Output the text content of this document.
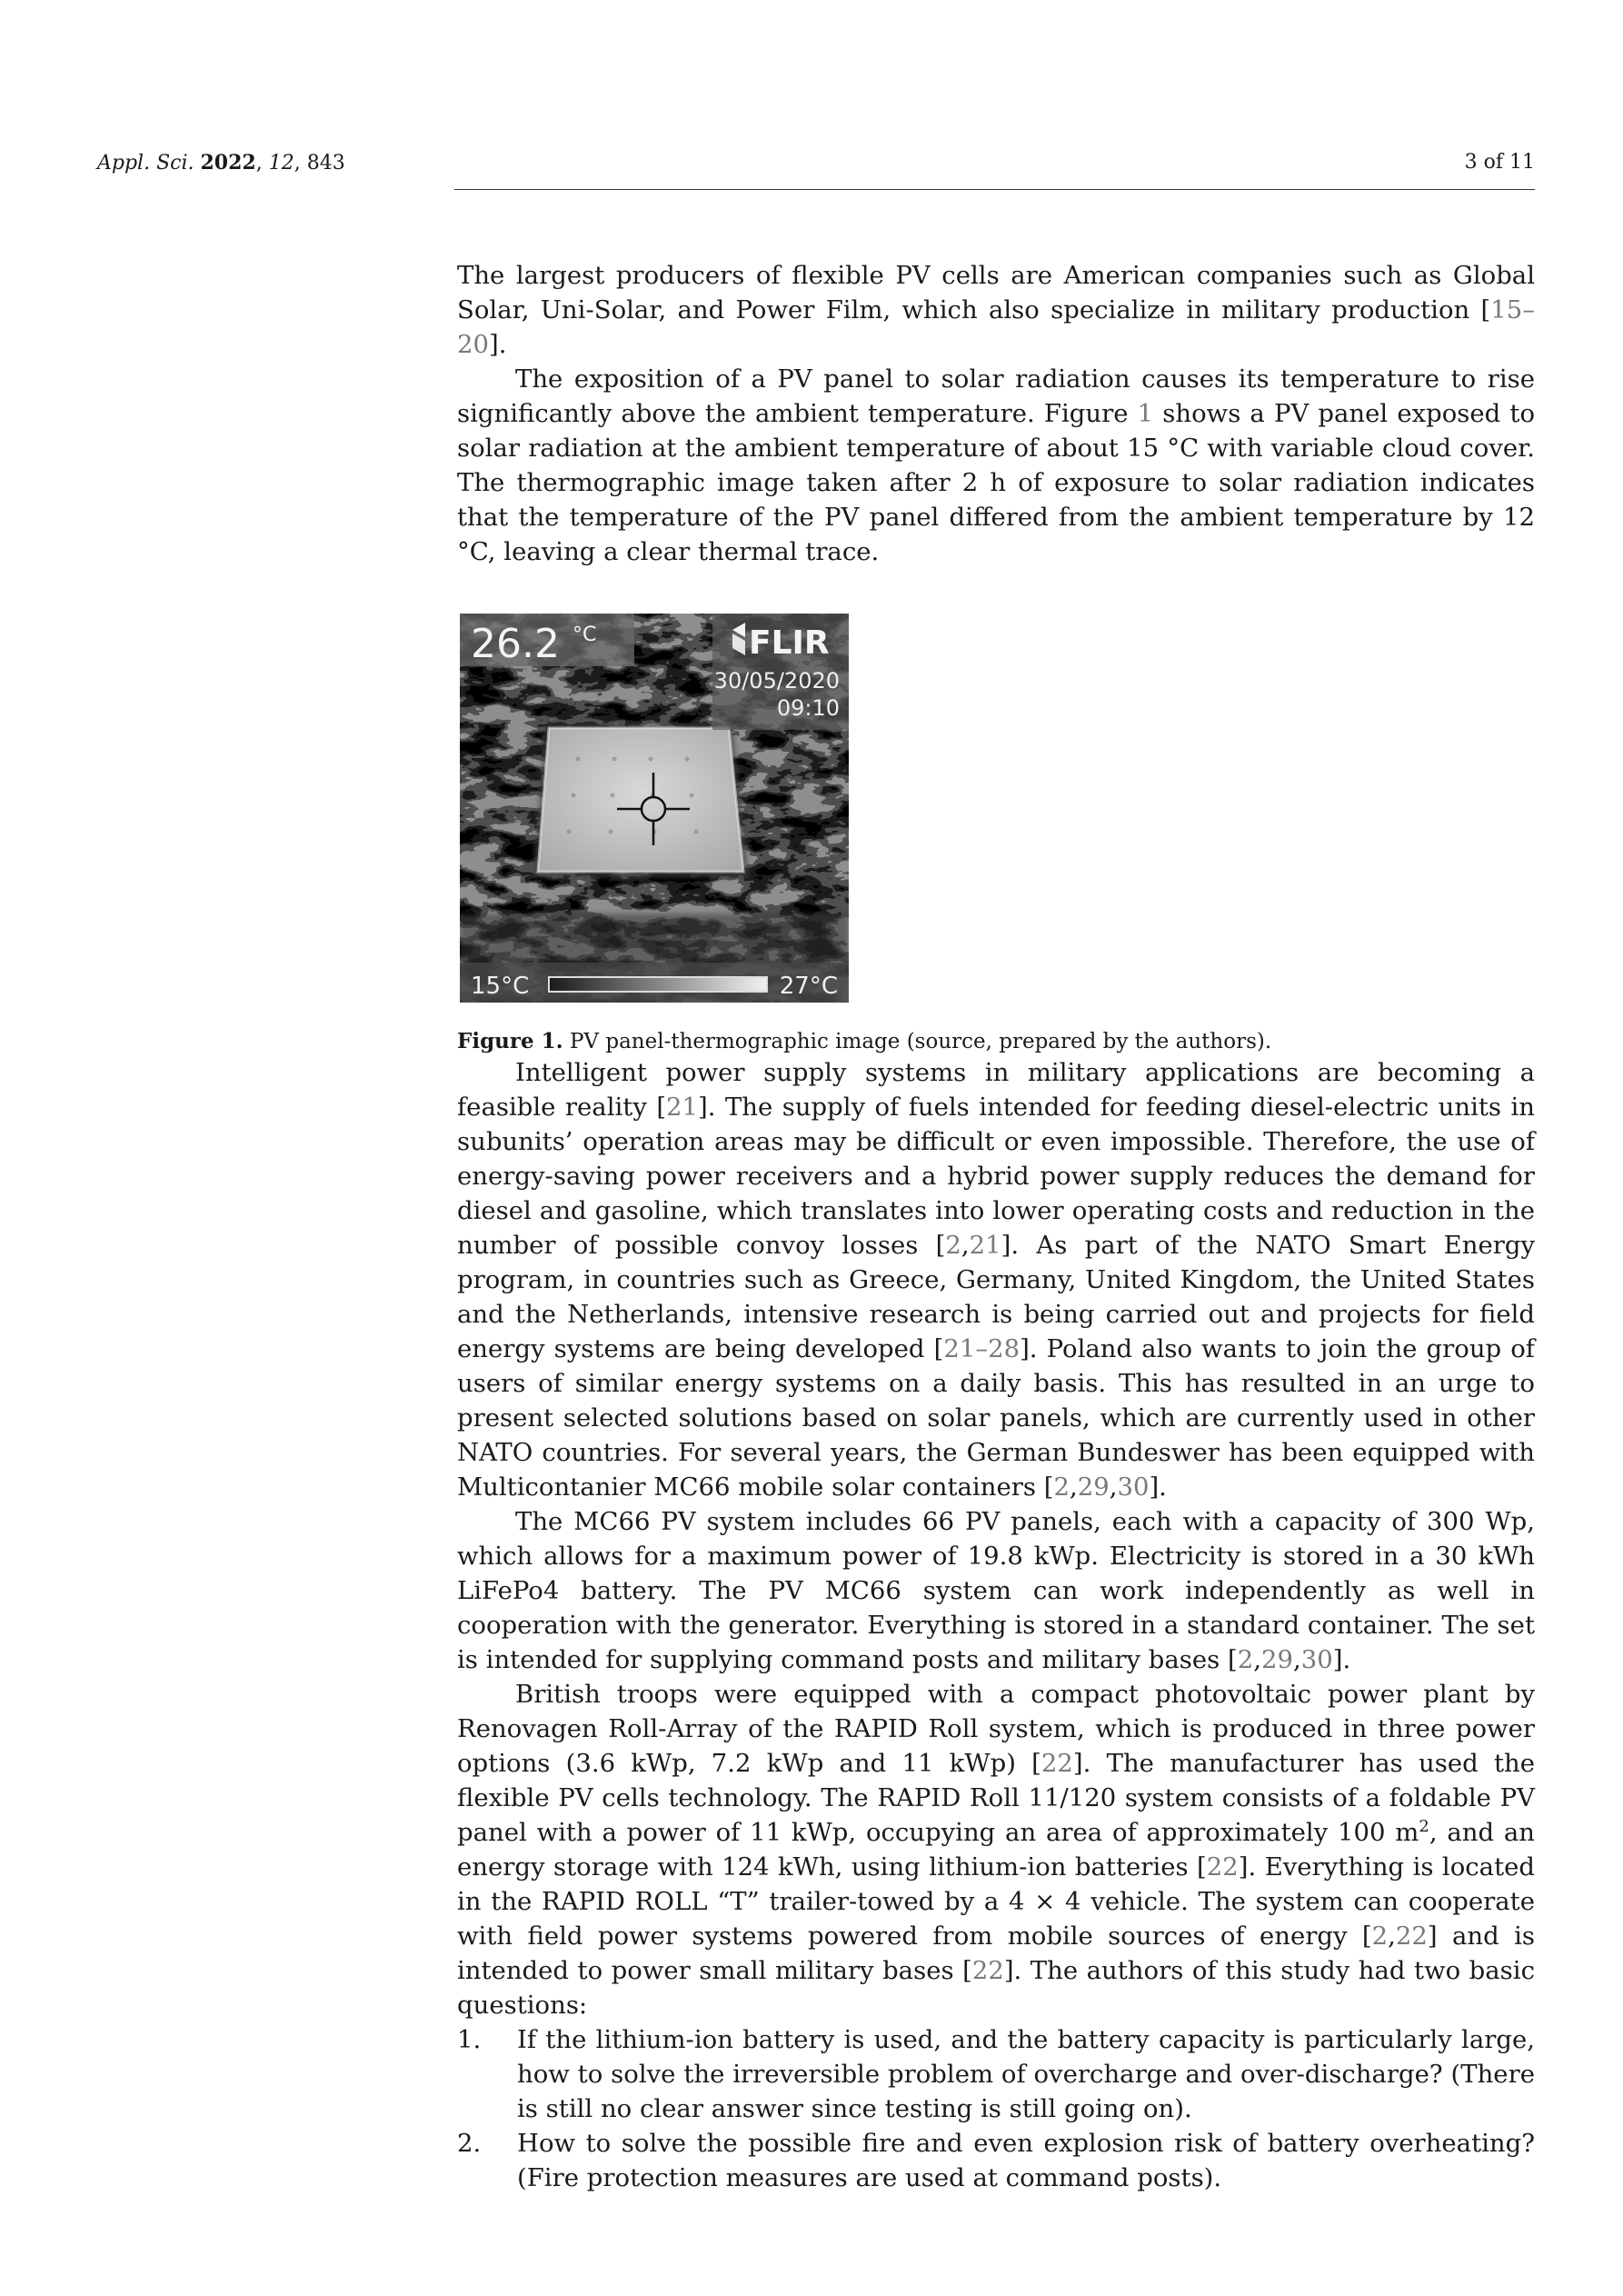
Appl. Sci. 2022, 12, 843	3 of 11

The largest producers of flexible PV cells are American companies such as Global Solar, Uni-Solar, and Power Film, which also specialize in military production [15–20].

The exposition of a PV panel to solar radiation causes its temperature to rise significantly above the ambient temperature. Figure 1 shows a PV panel exposed to solar radiation at the ambient temperature of about 15 °C with variable cloud cover. The thermographic image taken after 2 h of exposure to solar radiation indicates that the temperature of the PV panel differed from the ambient temperature by 12 °C, leaving a clear thermal trace.

26.2 °C	FLIR
30/05/2020
09:10
15°C	27°C
Figure 1. PV panel-thermographic image (source, prepared by the authors).

Intelligent power supply systems in military applications are becoming a feasible reality [21]. The supply of fuels intended for feeding diesel-electric units in subunits’ operation areas may be difficult or even impossible. Therefore, the use of energy-saving power receivers and a hybrid power supply reduces the demand for diesel and gasoline, which translates into lower operating costs and reduction in the number of possible convoy losses [2,21]. As part of the NATO Smart Energy program, in countries such as Greece, Germany, United Kingdom, the United States and the Netherlands, intensive research is being carried out and projects for field energy systems are being developed [21–28]. Poland also wants to join the group of users of similar energy systems on a daily basis. This has resulted in an urge to present selected solutions based on solar panels, which are currently used in other NATO countries. For several years, the German Bundeswer has been equipped with Multicontanier MC66 mobile solar containers [2,29,30].

The MC66 PV system includes 66 PV panels, each with a capacity of 300 Wp, which allows for a maximum power of 19.8 kWp. Electricity is stored in a 30 kWh LiFePo4 battery. The PV MC66 system can work independently as well in cooperation with the generator. Everything is stored in a standard container. The set is intended for supplying command posts and military bases [2,29,30].

British troops were equipped with a compact photovoltaic power plant by Renovagen Roll-Array of the RAPID Roll system, which is produced in three power options (3.6 kWp, 7.2 kWp and 11 kWp) [22]. The manufacturer has used the flexible PV cells technology. The RAPID Roll 11/120 system consists of a foldable PV panel with a power of 11 kWp, occupying an area of approximately 100 $m^2$, and an energy storage with 124 kWh, using lithium-ion batteries [22]. Everything is located in the RAPID ROLL “T” trailer-towed by a 4 × 4 vehicle. The system can cooperate with field power systems powered from mobile sources of energy [2,22] and is intended to power small military bases [22]. The authors of this study had two basic questions:

1. If the lithium-ion battery is used, and the battery capacity is particularly large, how to solve the irreversible problem of overcharge and over-discharge? (There is still no clear answer since testing is still going on).
2. How to solve the possible fire and even explosion risk of battery overheating? (Fire protection measures are used at command posts).
